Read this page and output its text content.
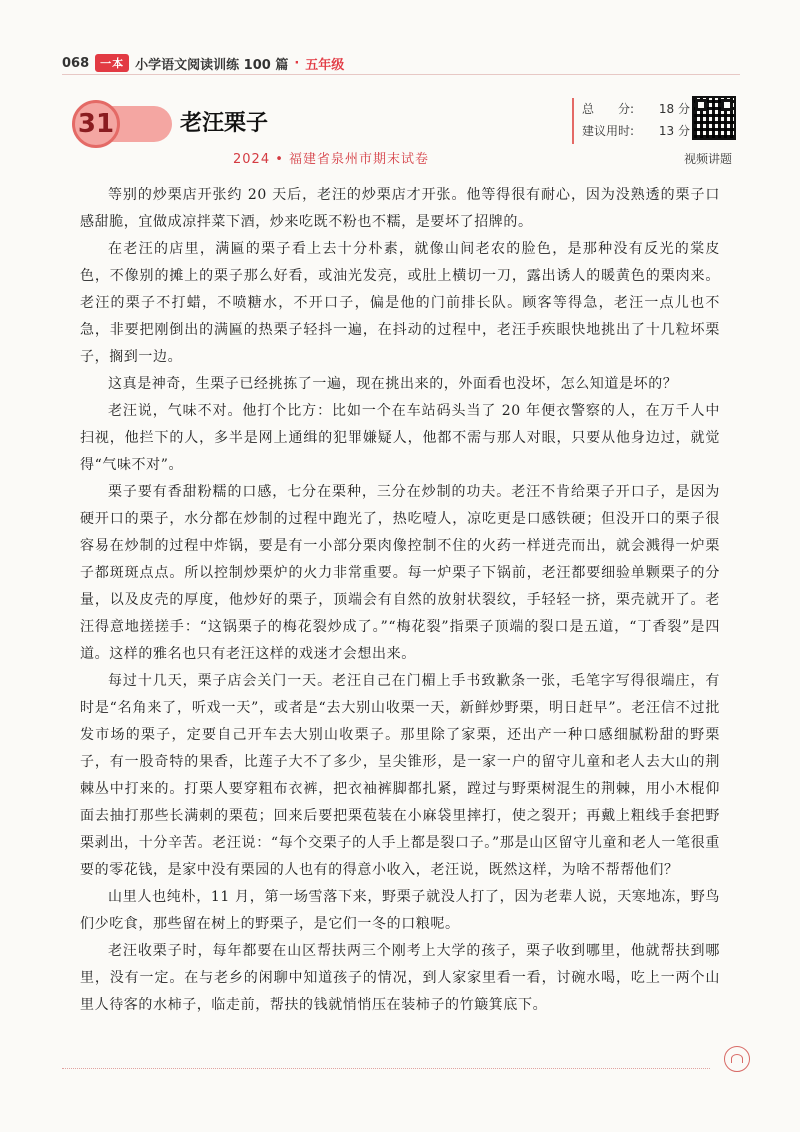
068	一本 小学语文阅读训练 100 篇 · 五年级
31	老汪栗子
2024 • 福建省泉州市期末试卷
总　　分: 18 分
建议用时: 13 分
视频讲题

等别的炒栗店开张约 20 天后，老汪的炒栗店才开张。他等得很有耐心，因为没熟透的栗子口感甜脆，宜做成凉拌菜下酒，炒来吃既不粉也不糯，是要坏了招牌的。

在老汪的店里，满匾的栗子看上去十分朴素，就像山间老农的脸色，是那种没有反光的棠皮色，不像别的摊上的栗子那么好看，或油光发亮，或肚上横切一刀，露出诱人的暖黄色的栗肉来。老汪的栗子不打蜡，不喷糖水，不开口子，偏是他的门前排长队。顾客等得急，老汪一点儿也不急，非要把刚倒出的满匾的热栗子轻抖一遍，在抖动的过程中，老汪手疾眼快地挑出了十几粒坏栗子，搁到一边。

这真是神奇，生栗子已经挑拣了一遍，现在挑出来的，外面看也没坏，怎么知道是坏的？

老汪说，气味不对。他打个比方：比如一个在车站码头当了 20 年便衣警察的人，在万千人中扫视，他拦下的人，多半是网上通缉的犯罪嫌疑人，他都不需与那人对眼，只要从他身边过，就觉得“气味不对”。

栗子要有香甜粉糯的口感，七分在栗种，三分在炒制的功夫。老汪不肯给栗子开口子，是因为硬开口的栗子，水分都在炒制的过程中跑光了，热吃噎人，凉吃更是口感铁硬；但没开口的栗子很容易在炒制的过程中炸锅，要是有一小部分栗肉像控制不住的火药一样迸壳而出，就会溅得一炉栗子都斑斑点点。所以控制炒栗炉的火力非常重要。每一炉栗子下锅前，老汪都要细验单颗栗子的分量，以及皮壳的厚度，他炒好的栗子，顶端会有自然的放射状裂纹，手轻轻一挤，栗壳就开了。老汪得意地搓搓手：“这锅栗子的梅花裂炒成了。”“梅花裂”指栗子顶端的裂口是五道，“丁香裂”是四道。这样的雅名也只有老汪这样的戏迷才会想出来。

每过十几天，栗子店会关门一天。老汪自己在门楣上手书致歉条一张，毛笔字写得很端庄，有时是“名角来了，听戏一天”，或者是“去大别山收栗一天，新鲜炒野栗，明日赶早”。老汪信不过批发市场的栗子，定要自己开车去大别山收栗子。那里除了家栗，还出产一种口感细腻粉甜的野栗子，有一股奇特的果香，比莲子大不了多少，呈尖锥形，是一家一户的留守儿童和老人去大山的荆棘丛中打来的。打栗人要穿粗布衣裤，把衣袖裤脚都扎紧，蹚过与野栗树混生的荆棘，用小木棍仰面去抽打那些长满刺的栗苞；回来后要把栗苞装在小麻袋里摔打，使之裂开；再戴上粗线手套把野栗剥出，十分辛苦。老汪说：“每个交栗子的人手上都是裂口子。”那是山区留守儿童和老人一笔很重要的零花钱，是家中没有栗园的人也有的得意小收入，老汪说，既然这样，为啥不帮帮他们？

山里人也纯朴，11 月，第一场雪落下来，野栗子就没人打了，因为老辈人说，天寒地冻，野鸟们少吃食，那些留在树上的野栗子，是它们一冬的口粮呢。

老汪收栗子时，每年都要在山区帮扶两三个刚考上大学的孩子，栗子收到哪里，他就帮扶到哪里，没有一定。在与老乡的闲聊中知道孩子的情况，到人家家里看一看，讨碗水喝，吃上一两个山里人待客的水柿子，临走前，帮扶的钱就悄悄压在装柿子的竹簸箕底下。
